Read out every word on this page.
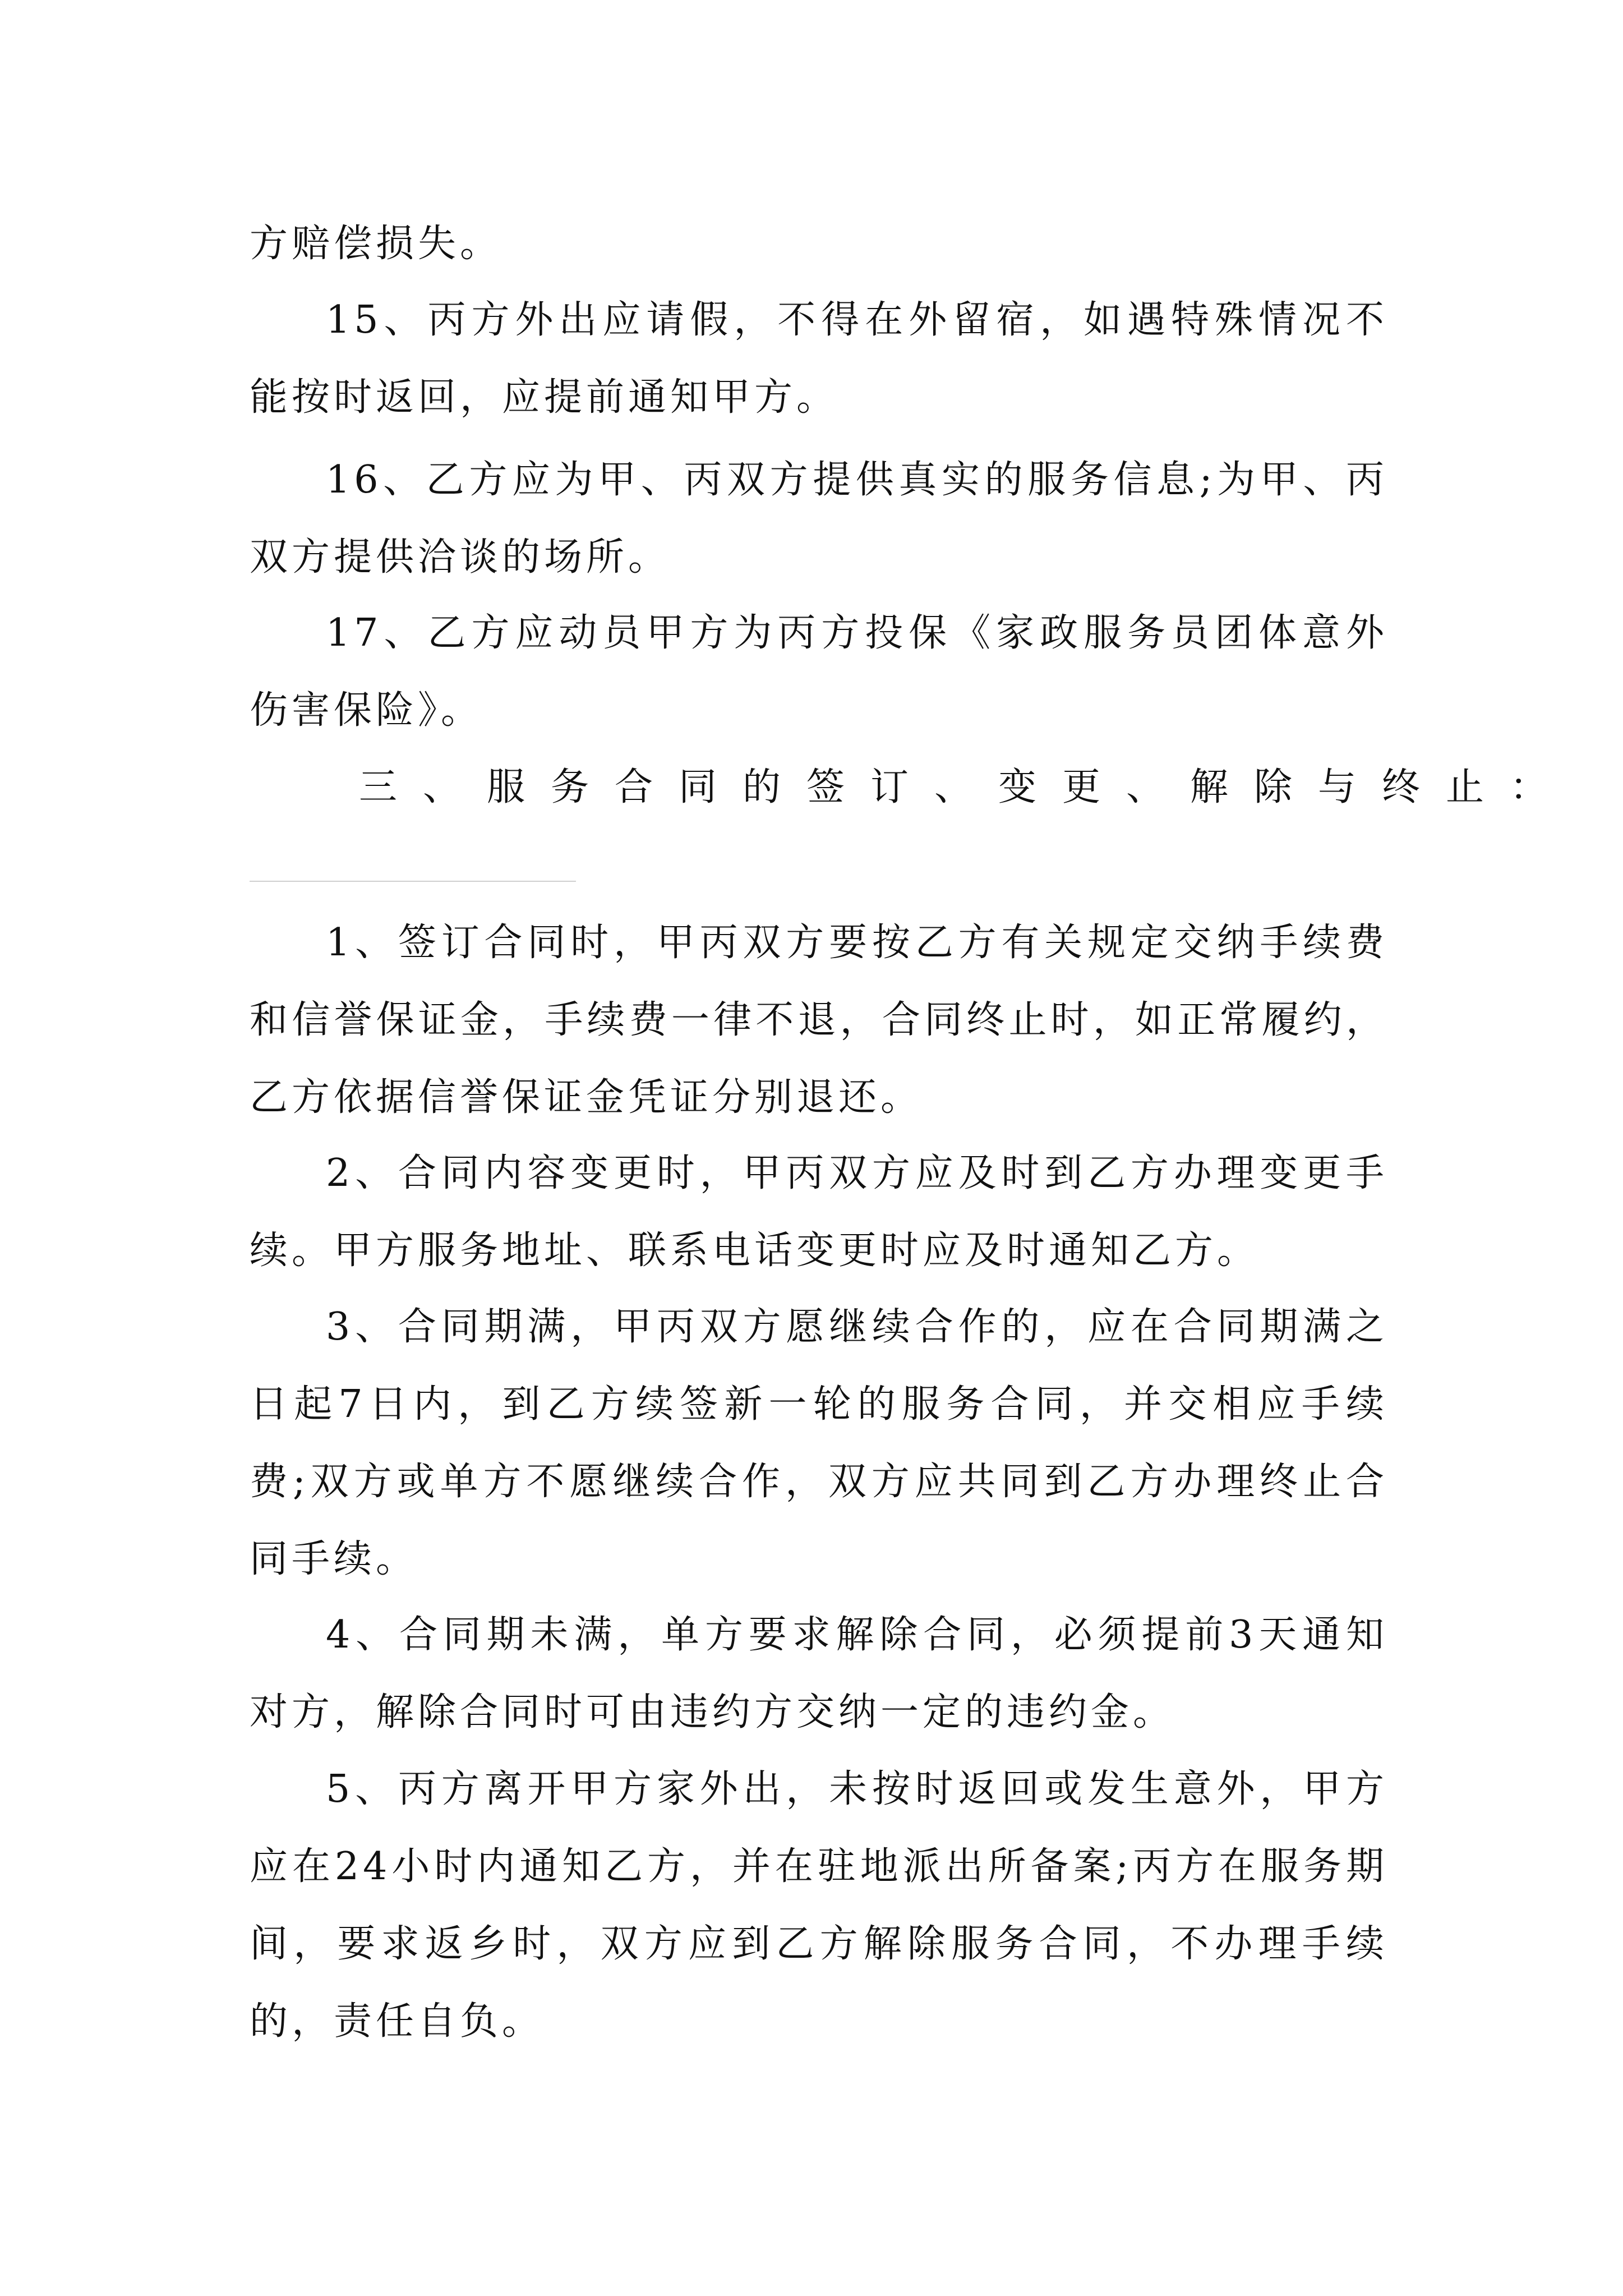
方赔偿损失。

15、丙方外出应请假，不得在外留宿，如遇特殊情况不能按时返回，应提前通知甲方。

16、乙方应为甲、丙双方提供真实的服务信息;为甲、丙双方提供洽谈的场所。

17、乙方应动员甲方为丙方投保《家政服务员团体意外伤害保险》。

三、服务合同的签订、变更、解除与终止：

1、签订合同时，甲丙双方要按乙方有关规定交纳手续费和信誉保证金，手续费一律不退，合同终止时，如正常履约，乙方依据信誉保证金凭证分别退还。

2、合同内容变更时，甲丙双方应及时到乙方办理变更手续。甲方服务地址、联系电话变更时应及时通知乙方。

3、合同期满，甲丙双方愿继续合作的，应在合同期满之日起7日内，到乙方续签新一轮的服务合同，并交相应手续费;双方或单方不愿继续合作，双方应共同到乙方办理终止合同手续。

4、合同期未满，单方要求解除合同，必须提前3天通知对方，解除合同时可由违约方交纳一定的违约金。

5、丙方离开甲方家外出，未按时返回或发生意外，甲方应在24小时内通知乙方，并在驻地派出所备案;丙方在服务期间，要求返乡时，双方应到乙方解除服务合同，不办理手续的，责任自负。
